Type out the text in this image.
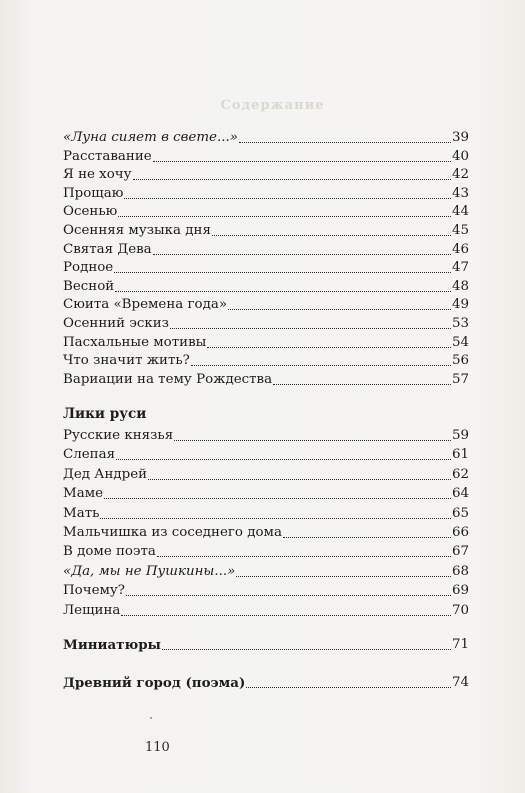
Содержание
«Луна сияет в свете...»	39
Расставание	40
Я не хочу	42
Прощаю	43
Осенью	44
Осенняя музыка дня	45
Святая Дева	46
Родное	47
Весной	48
Сюита «Времена года»	49
Осенний эскиз	53
Пасхальные мотивы	54
Что значит жить?	56
Вариации на тему Рождества	57
Лики руси
Русские князья	59
Слепая	61
Дед Андрей	62
Маме	64
Мать	65
Мальчишка из соседнего дома	66
В доме поэта	67
«Да, мы не Пушкины...»	68
Почему?	69
Лещина	70
Миниатюры	71
Древний город (поэма)	74
110
